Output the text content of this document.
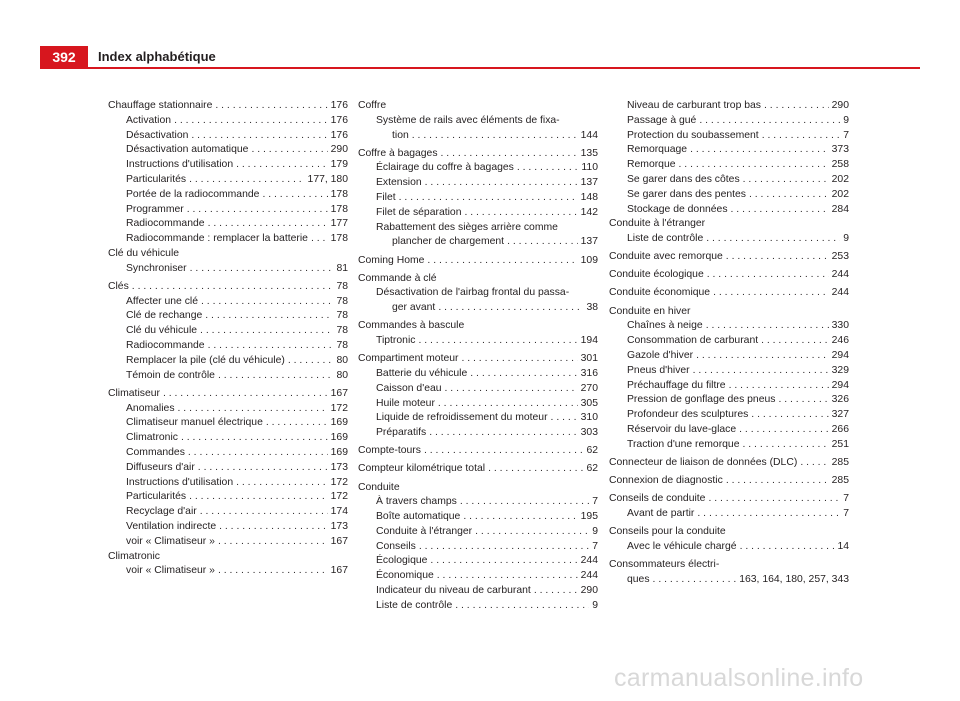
392	Index alphabétique
Chauffage stationnaire . . .	176
Activation . . .	176
Désactivation . . .	176
Désactivation automatique . . .	290
Instructions d'utilisation . . .	179
Particularités . . .	177, 180
Portée de la radiocommande . . .	178
Programmer . . .	178
Radiocommande . . .	177
Radiocommande : remplacer la batterie . . . 178
Clé du véhicule
Synchroniser . . .	81
Clés . . .	78
Affecter une clé . . .	78
Clé de rechange . . .	78
Clé du véhicule . . .	78
Radiocommande . . .	78
Remplacer la pile (clé du véhicule) . . .	80
Témoin de contrôle . . .	80
Climatiseur . . .	167
Anomalies . . .	172
Climatiseur manuel électrique . . .	169
Climatronic . . .	169
Commandes . . .	169
Diffuseurs d'air . . .	173
Instructions d'utilisation . . .	172
Particularités . . .	172
Recyclage d'air . . .	174
Ventilation indirecte . . .	173
voir « Climatiseur » . . .	167
Climatronic
voir « Climatiseur » . . .	167
Coffre
Système de rails avec éléments de fixa-
tion . . .	144
Coffre à bagages . . .	135
Éclairage du coffre à bagages . . .	110
Extension . . .	137
Filet . . .	148
Filet de séparation . . .	142
Rabattement des sièges arrière comme
plancher de chargement . . .	137
Coming Home . . .	109
Commande à clé
Désactivation de l'airbag frontal du passa-
ger avant . . .	38
Commandes à bascule
Tiptronic . . .	194
Compartiment moteur . . .	301
Batterie du véhicule . . .	316
Caisson d'eau . . .	270
Huile moteur . . .	305
Liquide de refroidissement du moteur . . .	310
Préparatifs . . .	303
Compte-tours . . .	62
Compteur kilométrique total . . .	62
Conduite
À travers champs . . .	7
Boîte automatique . . .	195
Conduite à l'étranger . . .	9
Conseils . . .	7
Écologique . . .	244
Économique . . .	244
Indicateur du niveau de carburant . . .	290
Liste de contrôle . . .	9
Niveau de carburant trop bas . . .	290
Passage à gué . . .	9
Protection du soubassement . . .	7
Remorquage . . .	373
Remorque . . .	258
Se garer dans des côtes . . .	202
Se garer dans des pentes . . .	202
Stockage de données . . .	284
Conduite à l'étranger
Liste de contrôle . . .	9
Conduite avec remorque . . .	253
Conduite écologique . . .	244
Conduite économique . . .	244
Conduite en hiver
Chaînes à neige . . .	330
Consommation de carburant . . .	246
Gazole d'hiver . . .	294
Pneus d'hiver . . .	329
Préchauffage du filtre . . .	294
Pression de gonflage des pneus . . .	326
Profondeur des sculptures . . .	327
Réservoir du lave-glace . . .	266
Traction d'une remorque . . .	251
Connecteur de liaison de données (DLC) . . .	285
Connexion de diagnostic . . .	285
Conseils de conduite . . .	7
Avant de partir . . .	7
Conseils pour la conduite
Avec le véhicule chargé . . .	14
Consommateurs électri-
ques . . .	163, 164, 180, 257, 343
carmanualsonline.info
